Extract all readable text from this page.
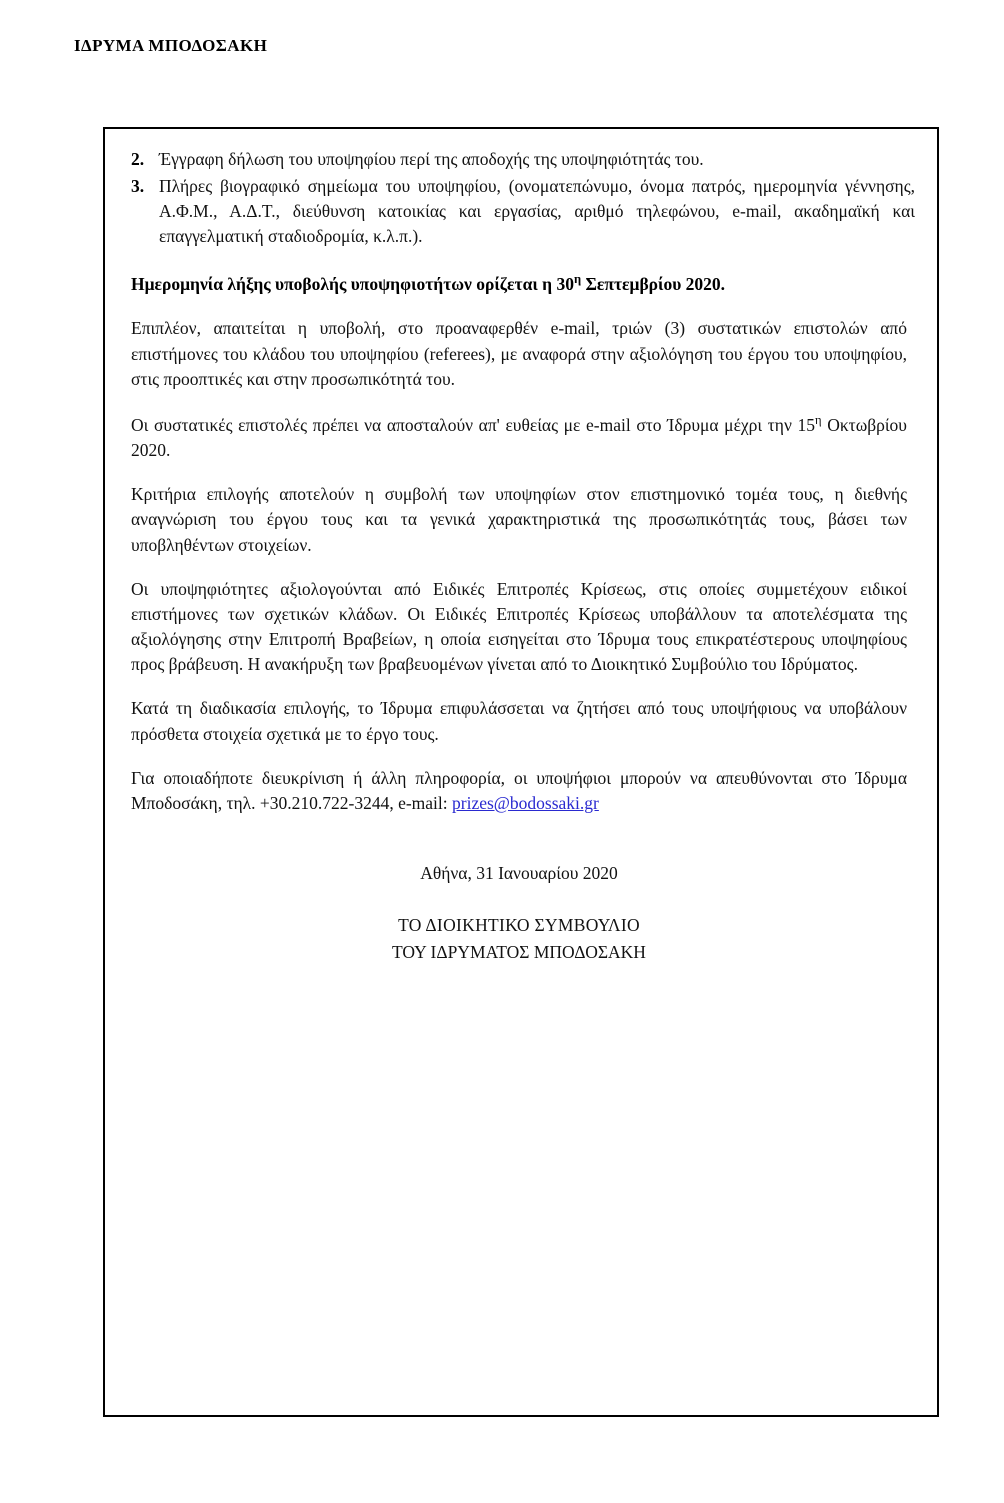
ΙΔΡΥΜΑ ΜΠΟΔΟΣΑΚΗ
2. Έγγραφη δήλωση του υποψηφίου περί της αποδοχής της υποψηφιότητάς του.
3. Πλήρες βιογραφικό σημείωμα του υποψηφίου, (ονοματεπώνυμο, όνομα πατρός, ημερομηνία γέννησης, Α.Φ.Μ., Α.Δ.Τ., διεύθυνση κατοικίας και εργασίας, αριθμό τηλεφώνου, e-mail, ακαδημαϊκή και επαγγελματική σταδιοδρομία, κ.λ.π.).

Ημερομηνία λήξης υποβολής υποψηφιοτήτων ορίζεται η $30^\eta$ Σεπτεμβρίου 2020.

Επιπλέον, απαιτείται η υποβολή, στο προαναφερθέν e-mail, τριών (3) συστατικών επιστολών από επιστήμονες του κλάδου του υποψηφίου (referees), με αναφορά στην αξιολόγηση του έργου του υποψηφίου, στις προοπτικές και στην προσωπικότητά του.

Οι συστατικές επιστολές πρέπει να αποσταλούν απ' ευθείας με e-mail στο Ίδρυμα μέχρι την $15^\eta$ Οκτωβρίου 2020.

Κριτήρια επιλογής αποτελούν η συμβολή των υποψηφίων στον επιστημονικό τομέα τους, η διεθνής αναγνώριση του έργου τους και τα γενικά χαρακτηριστικά της προσωπικότητάς τους, βάσει των υποβληθέντων στοιχείων.

Οι υποψηφιότητες αξιολογούνται από Ειδικές Επιτροπές Κρίσεως, στις οποίες συμμετέχουν ειδικοί επιστήμονες των σχετικών κλάδων. Οι Ειδικές Επιτροπές Κρίσεως υποβάλλουν τα αποτελέσματα της αξιολόγησης στην Επιτροπή Βραβείων, η οποία εισηγείται στο Ίδρυμα τους επικρατέστερους υποψηφίους προς βράβευση. Η ανακήρυξη των βραβευομένων γίνεται από το Διοικητικό Συμβούλιο του Ιδρύματος.

Κατά τη διαδικασία επιλογής, το Ίδρυμα επιφυλάσσεται να ζητήσει από τους υποψήφιους να υποβάλουν πρόσθετα στοιχεία σχετικά με το έργο τους.

Για οποιαδήποτε διευκρίνιση ή άλλη πληροφορία, οι υποψήφιοι μπορούν να απευθύνονται στο Ίδρυμα Μποδοσάκη, τηλ. +30.210.722-3244, e-mail: prizes@bodossaki.gr

Αθήνα, 31 Ιανουαρίου 2020

ΤΟ ΔΙΟΙΚΗΤΙΚΟ ΣΥΜΒΟΥΛΙΟ

ΤΟΥ ΙΔΡΥΜΑΤΟΣ ΜΠΟΔΟΣΑΚΗ
